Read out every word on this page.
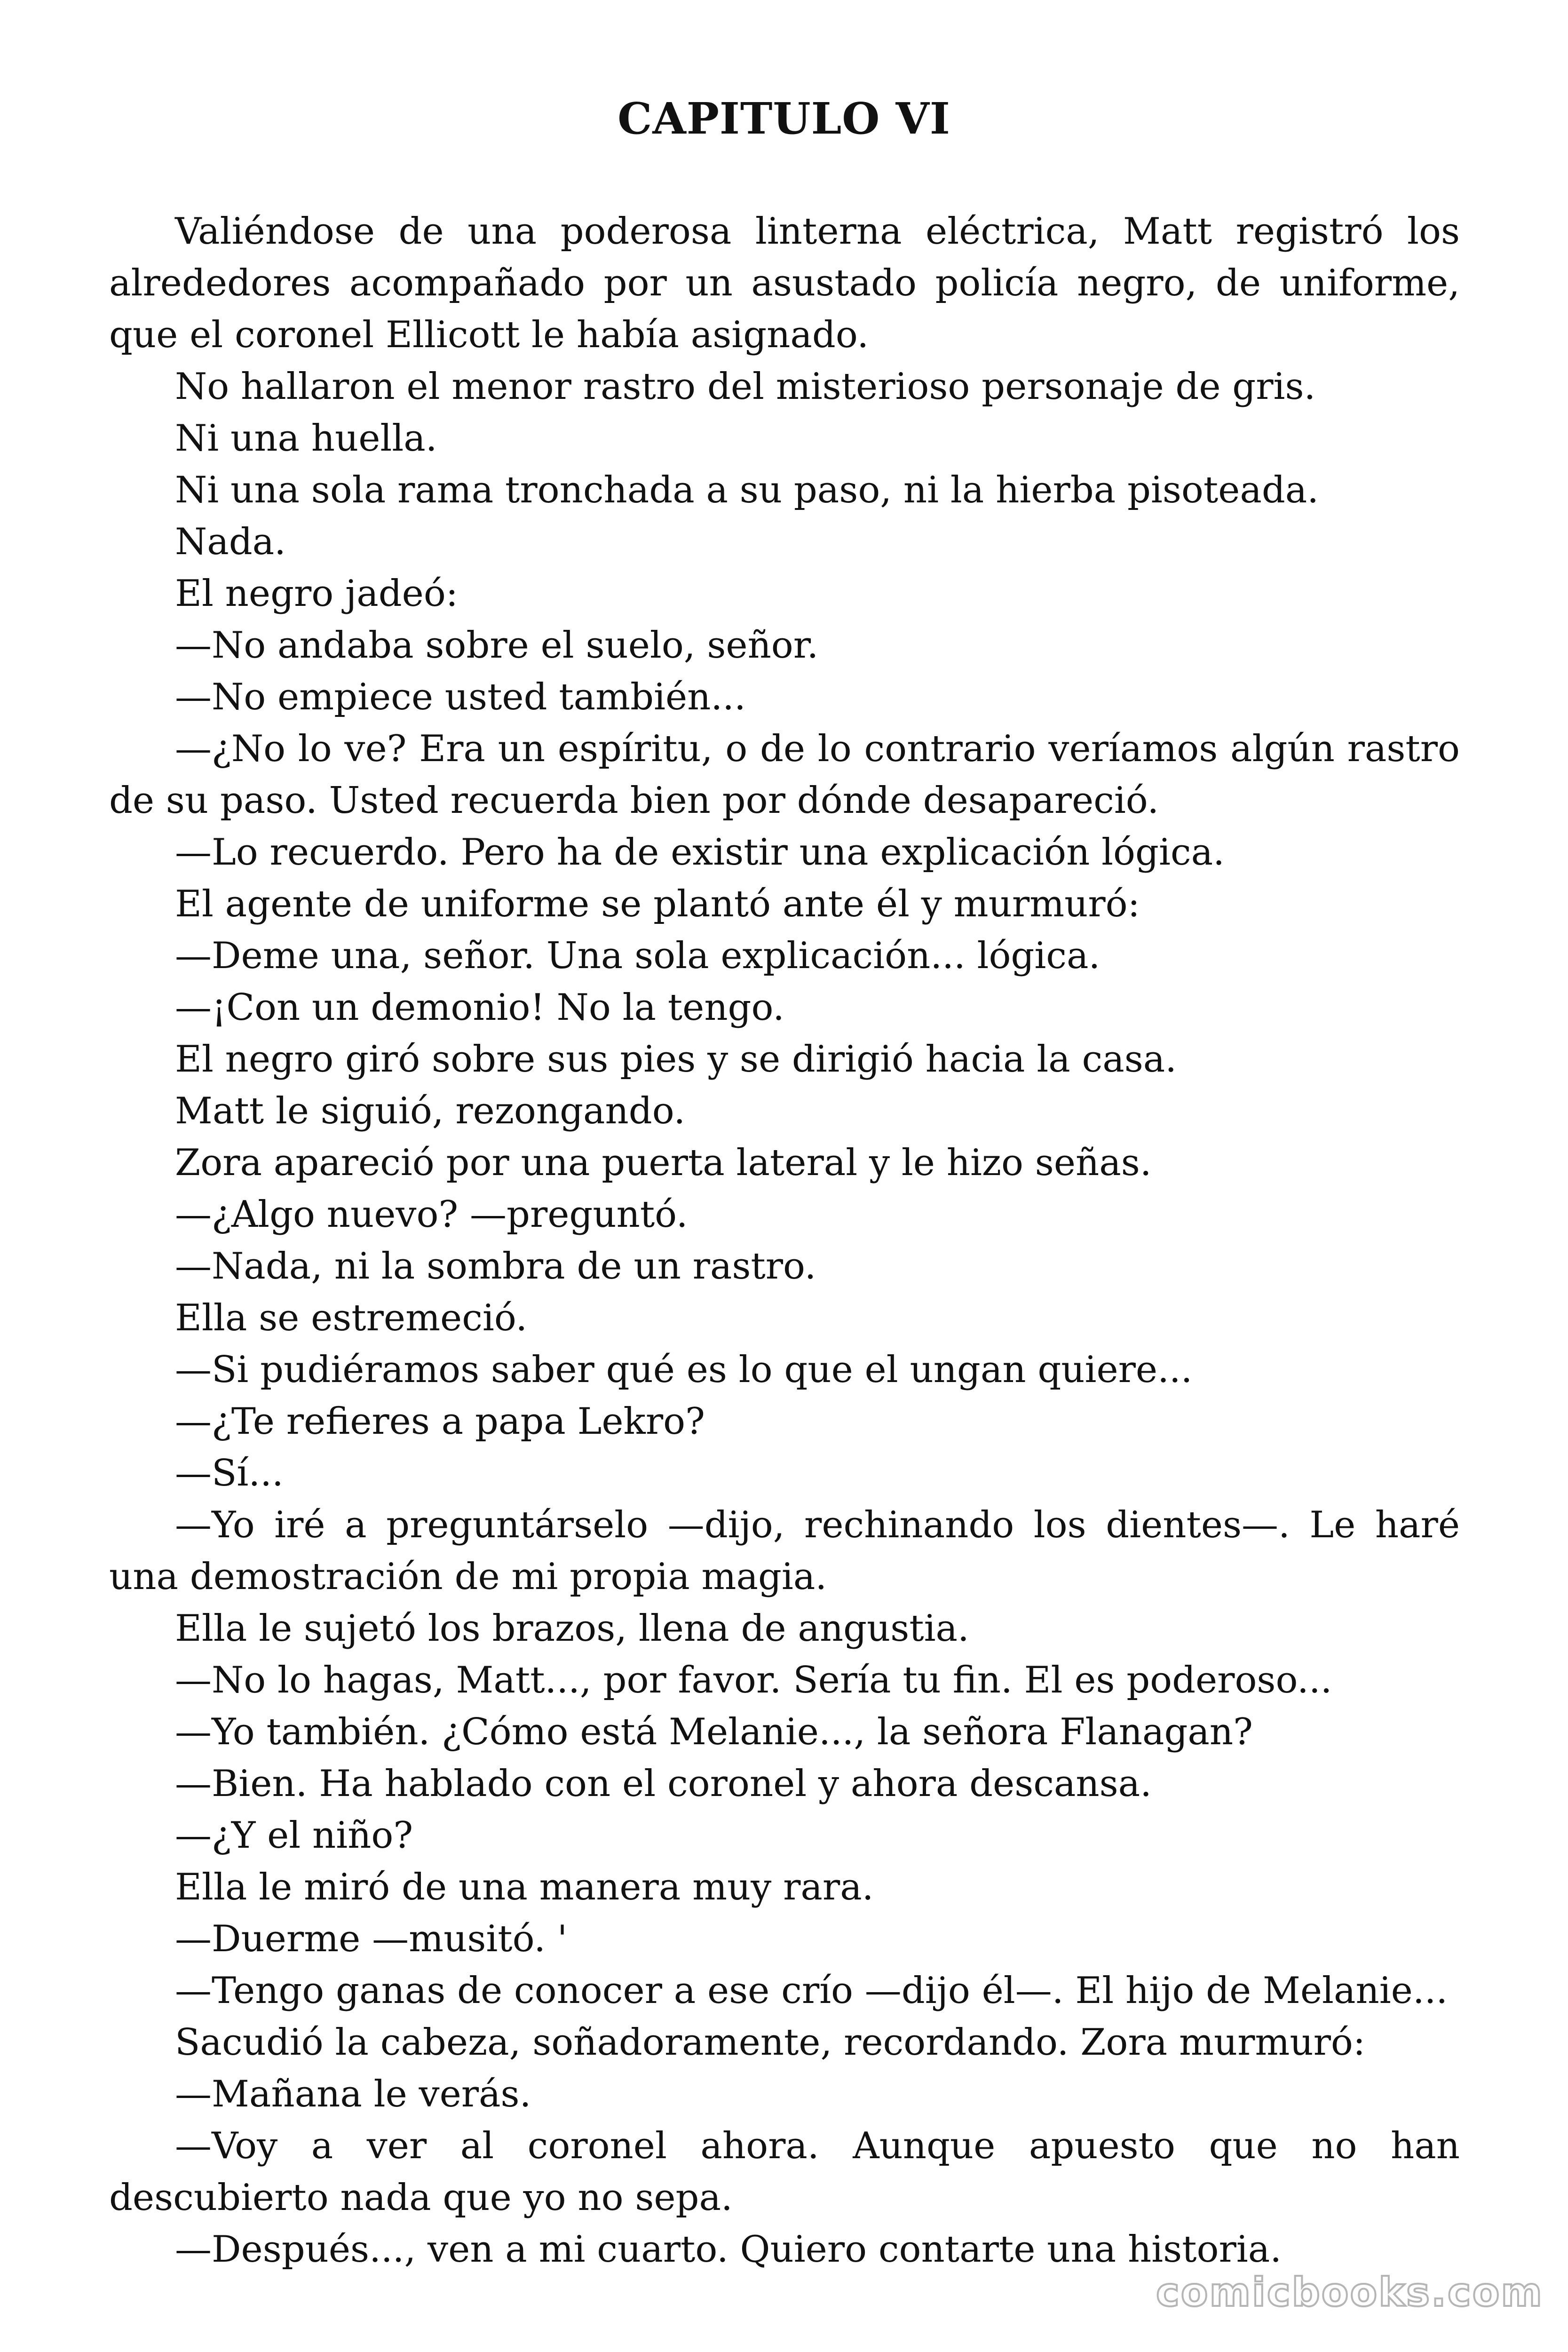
CAPITULO VI

Valiéndose de una poderosa linterna eléctrica, Matt registró los alrededores acompañado por un asustado policía negro, de uniforme, que el coronel Ellicott le había asignado.

No hallaron el menor rastro del misterioso personaje de gris.

Ni una huella.

Ni una sola rama tronchada a su paso, ni la hierba pisoteada.

Nada.

El negro jadeó:

—No andaba sobre el suelo, señor.

—No empiece usted también...

—¿No lo ve? Era un espíritu, o de lo contrario veríamos algún rastro de su paso. Usted recuerda bien por dónde desapareció.

—Lo recuerdo. Pero ha de existir una explicación lógica.

El agente de uniforme se plantó ante él y murmuró:

—Deme una, señor. Una sola explicación... lógica.

—¡Con un demonio! No la tengo.

El negro giró sobre sus pies y se dirigió hacia la casa.

Matt le siguió, rezongando.

Zora apareció por una puerta lateral y le hizo señas.

—¿Algo nuevo? —preguntó.

—Nada, ni la sombra de un rastro.

Ella se estremeció.

—Si pudiéramos saber qué es lo que el ungan quiere...

—¿Te refieres a papa Lekro?

—Sí...

—Yo iré a preguntárselo —dijo, rechinando los dientes—. Le haré una demostración de mi propia magia.

Ella le sujetó los brazos, llena de angustia.

—No lo hagas, Matt..., por favor. Sería tu fin. El es poderoso...

—Yo también. ¿Cómo está Melanie..., la señora Flanagan?

—Bien. Ha hablado con el coronel y ahora descansa.

—¿Y el niño?

Ella le miró de una manera muy rara.

—Duerme —musitó. '

—Tengo ganas de conocer a ese crío —dijo él—. El hijo de Melanie...

Sacudió la cabeza, soñadoramente, recordando. Zora murmuró:

—Mañana le verás.

—Voy a ver al coronel ahora. Aunque apuesto que no han descubierto nada que yo no sepa.

—Después..., ven a mi cuarto. Quiero contarte una historia.

comicbooks.com
